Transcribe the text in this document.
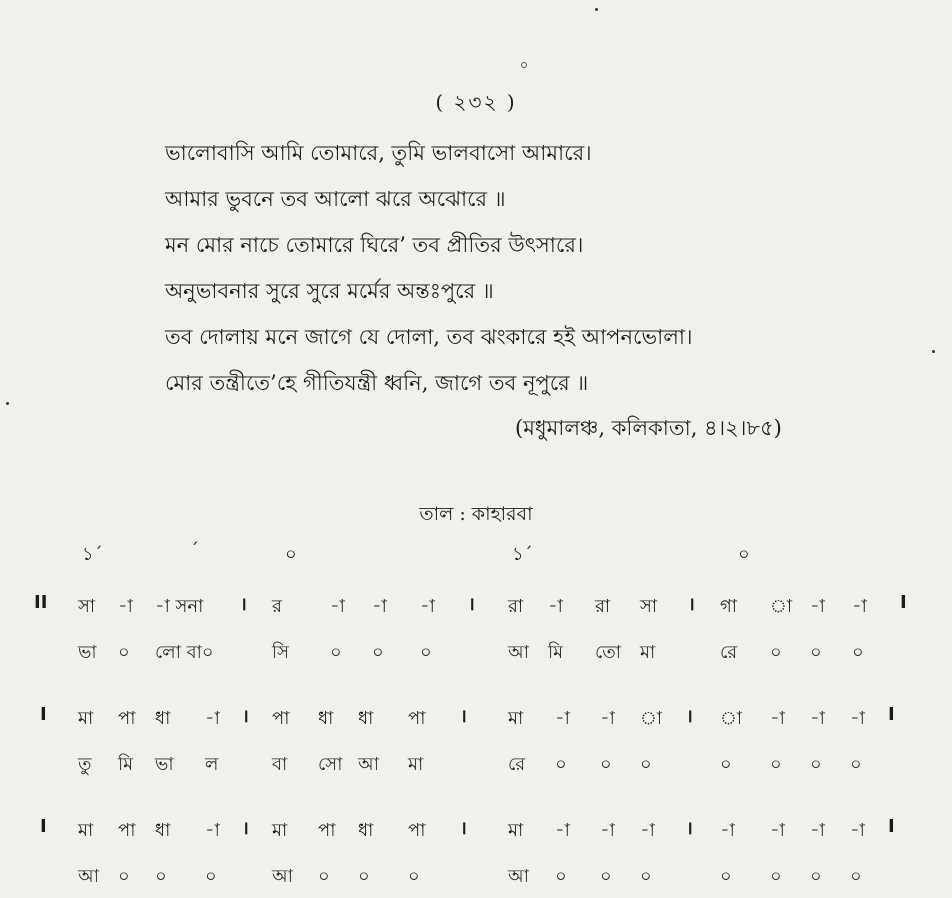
( ২৩২ )
ভালোবাসি আমি তোমারে, তুমি ভালবাসো আমারে।
আমার ভুবনে তব আলো ঝরে অঝোরে ॥
মন মোর নাচে তোমারে ঘিরে’ তব প্রীতির উৎসারে।
অনুভাবনার সুরে সুরে মর্মের অন্তঃপুরে ॥
তব দোলায় মনে জাগে যে দোলা, তব ঝংকারে হই আপনভোলা।
মোর তন্ত্রীতে’হে গীতিযন্ত্রী ধ্বনি, জাগে তব নূপুরে ॥
(মধুমালঞ্চ, কলিকাতা, ৪।২।৮৫)
তাল : কাহারবা
১´	´	০	১´	০
II সা -া -া সনা । র	-া -া -া । রা -া রা সা । গা া -া -া I
ভা ০ লো বা০	সি ০ ০ ০	আ মি তো মা	রে ০ ০ ০
I মা পা ধা -া । পা ধা ধা পা । মা -া -া া । া -া -া -া I
তু মি ভা ল	বা সো আ মা	রে ০ ০ ০	০ ০ ০ ০
I মা পা ধা -া । মা পা ধা পা । মা -া -া -া । -া -া -া -া I
আ ০ ০ ০	আ ০ ০ ০	আ ০ ০ ০	০ ০ ০ ০
